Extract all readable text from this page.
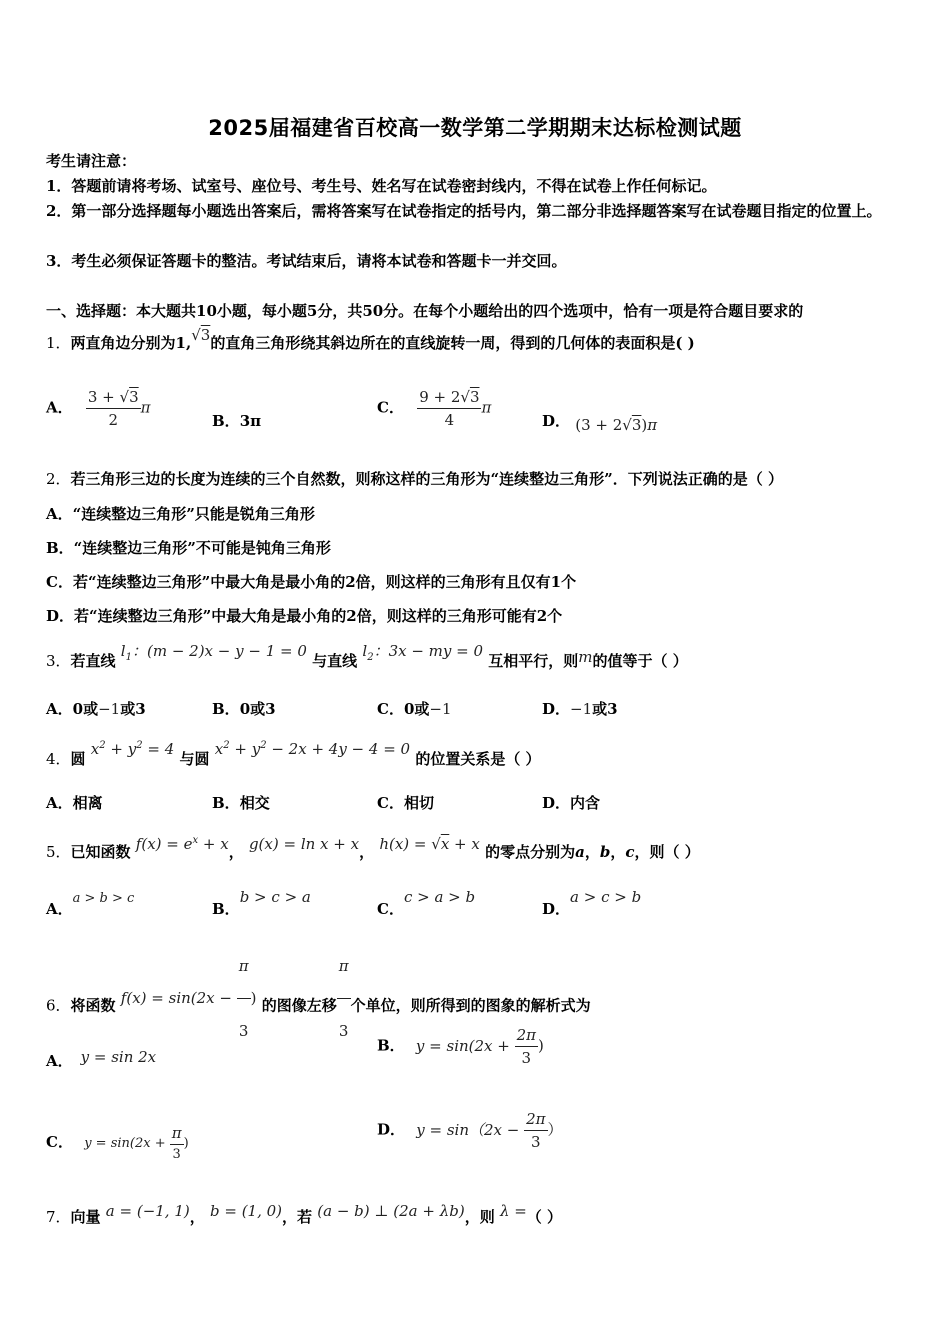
2025届福建省百校高一数学第二学期期末达标检测试题
考生请注意：
1．答题前请将考场、试室号、座位号、考生号、姓名写在试卷密封线内，不得在试卷上作任何标记。
2．第一部分选择题每小题选出答案后，需将答案写在试卷指定的括号内，第二部分非选择题答案写在试卷题目指定的位置上。
3．考生必须保证答题卡的整洁。考试结束后，请将本试卷和答题卡一并交回。
一、选择题：本大题共10小题，每小题5分，共50分。在每个小题给出的四个选项中，恰有一项是符合题目要求的
1．两直角边分别为1,√3的直角三角形绕其斜边所在的直线旋转一周，得到的几何体的表面积是( )
A． $\frac{3 + √3}{2}$ π
B．3π
C． $\frac{9 + 2√3}{4}$ π
D． (3 + 2√3)π
2．若三角形三边的长度为连续的三个自然数，则称这样的三角形为“连续整边三角形”．下列说法正确的是（ ）
A．“连续整边三角形”只能是锐角三角形
B．“连续整边三角形”不可能是钝角三角形
C．若“连续整边三角形”中最大角是最小角的2倍，则这样的三角形有且仅有1个
D．若“连续整边三角形”中最大角是最小角的2倍，则这样的三角形可能有2个
3．若直线 $l_1$：(m − 2)x − y − 1 = 0 与直线 $l_2$：3x − my = 0 互相平行，则m的值等于（ ）
A．0或−1或3	B．0或3	C．0或−1	D．−1或3
4．圆 $x^2 + y^2 = 4$ 与圆 $x^2 + y^2 - 2x + 4y - 4 = 0$ 的位置关系是（ ）
A．相离	B．相交	C．相切	D．内含
5．已知函数 $f(x) = e^x + x$， g(x) = ln x + x， h(x) = √x + x 的零点分别为a，b，c，则（ ）
A．a > b > c
B．b > c > a
C．c > a > b
D．a > c > b
6．将函数 $f(x) = \sin(2x - \frac{\pi}{3}$ ) 的图像左移 $\frac{\pi}{3}$ 个单位，则所得到的图象的解析式为
A． y = sin 2x
B． $y = \sin(2x + \frac{2\pi}{3}$ )
C． $y = \sin(2x + \frac{\pi}{3}$ )
D． $y = \sin(2x - \frac{2\pi}{3}$ ）
7．向量 a = (−1, 1)， b = (1, 0)，若 (a − b) ⊥ (2a + λb)，则 λ =（ ）
